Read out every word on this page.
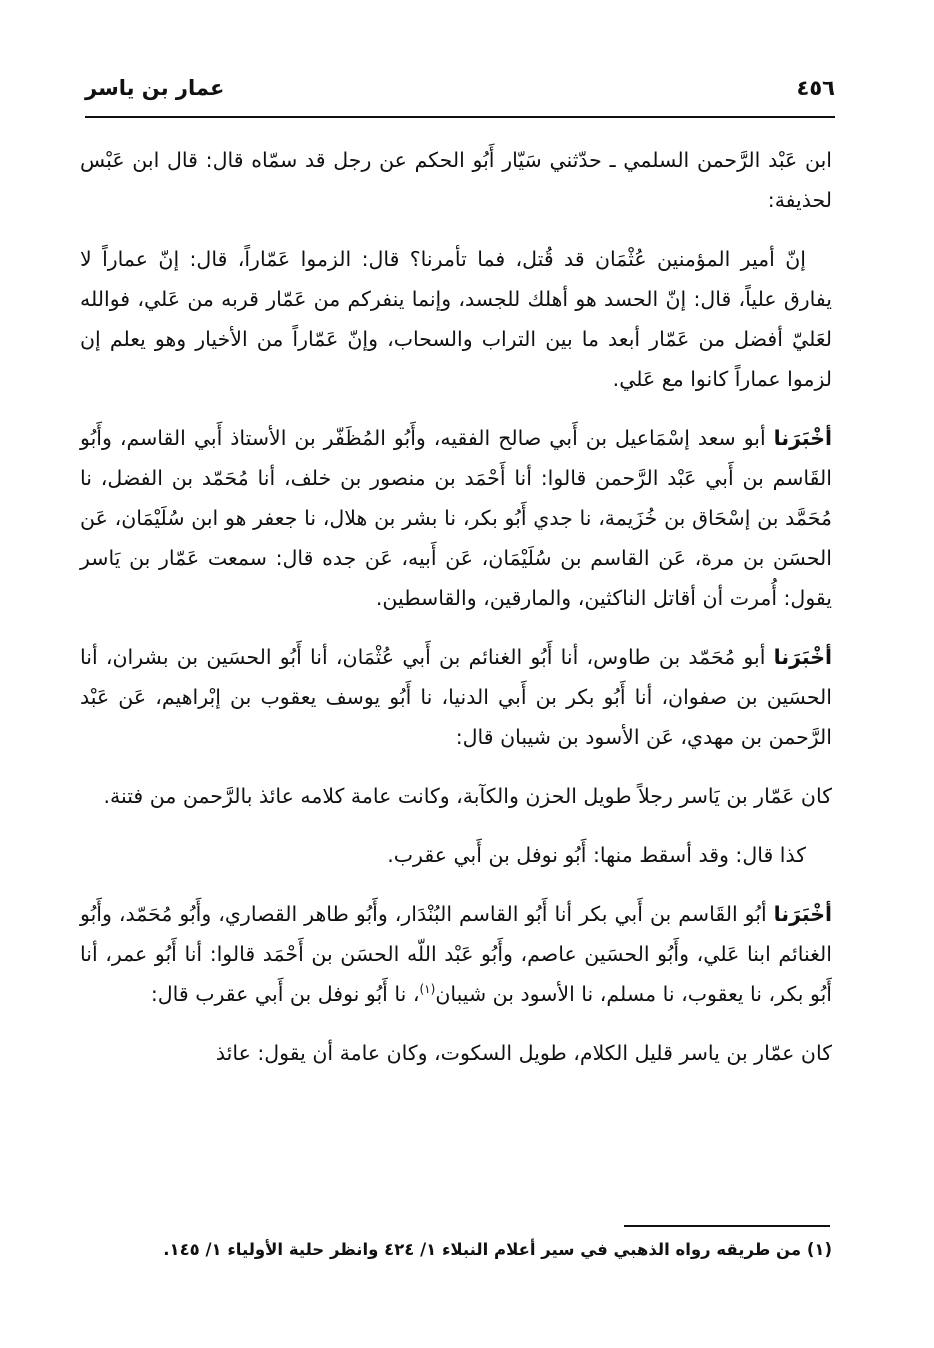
٤٥٦
عمار بن ياسر

ابن عَبْد الرَّحمن السلمي ـ حدّثني سَيّار أَبُو الحكم عن رجل قد سمّاه قال: قال ابن عَبْس لحذيفة:

إنّ أمير المؤمنين عُثْمَان قد قُتل، فما تأمرنا؟ قال: الزموا عَمّاراً، قال: إنّ عماراً لا يفارق علياً، قال: إنّ الحسد هو أهلك للجسد، وإنما ينفركم من عَمّار قربه من عَلي، فوالله لعَليّ أفضل من عَمّار أبعد ما بين التراب والسحاب، وإنّ عَمّاراً من الأخيار وهو يعلم إن لزموا عماراً كانوا مع عَلي.

أخْبَرَنا أبو سعد إسْمَاعيل بن أَبي صالح الفقيه، وأَبُو المُظَفّر بن الأستاذ أَبي القاسم، وأَبُو القَاسم بن أَبي عَبْد الرَّحمن قالوا: أنا أَحْمَد بن منصور بن خلف، أنا مُحَمّد بن الفضل، نا مُحَمَّد بن إسْحَاق بن خُزَيمة، نا جدي أَبُو بكر، نا بشر بن هلال، نا جعفر هو ابن سُلَيْمَان، عَن الحسَن بن مرة، عَن القاسم بن سُلَيْمَان، عَن أَبيه، عَن جده قال: سمعت عَمّار بن يَاسر يقول: أُمرت أن أقاتل الناكثين، والمارقين، والقاسطين.

أخْبَرَنا أبو مُحَمّد بن طاوس، أنا أَبُو الغنائم بن أَبي عُثْمَان، أنا أَبُو الحسَين بن بشران، أنا الحسَين بن صفوان، أنا أَبُو بكر بن أَبي الدنيا، نا أَبُو يوسف يعقوب بن إبْراهيم، عَن عَبْد الرَّحمن بن مهدي، عَن الأسود بن شيبان قال:

كان عَمّار بن يَاسر رجلاً طويل الحزن والكآبة، وكانت عامة كلامه عائذ بالرَّحمن من فتنة.

كذا قال: وقد أسقط منها: أَبُو نوفل بن أَبي عقرب.

أخْبَرَنا أبُو القَاسم بن أَبي بكر أنا أَبُو القاسم البُنْدَار، وأَبُو طاهر القصاري، وأَبُو مُحَمّد، وأَبُو الغنائم ابنا عَلي، وأَبُو الحسَين عاصم، وأَبُو عَبْد اللّه الحسَن بن أَحْمَد قالوا: أنا أَبُو عمر، أنا أَبُو بكر، نا يعقوب، نا مسلم، نا الأسود بن شيبان$^{(١)}$، نا أَبُو نوفل بن أَبي عقرب قال:

كان عمّار بن ياسر قليل الكلام، طويل السكوت، وكان عامة أن يقول: عائذ

(١) من طريقه رواه الذهبي في سير أعلام النبلاء ١/ ٤٢٤ وانظر حلية الأولياء ١/ ١٤٥.
